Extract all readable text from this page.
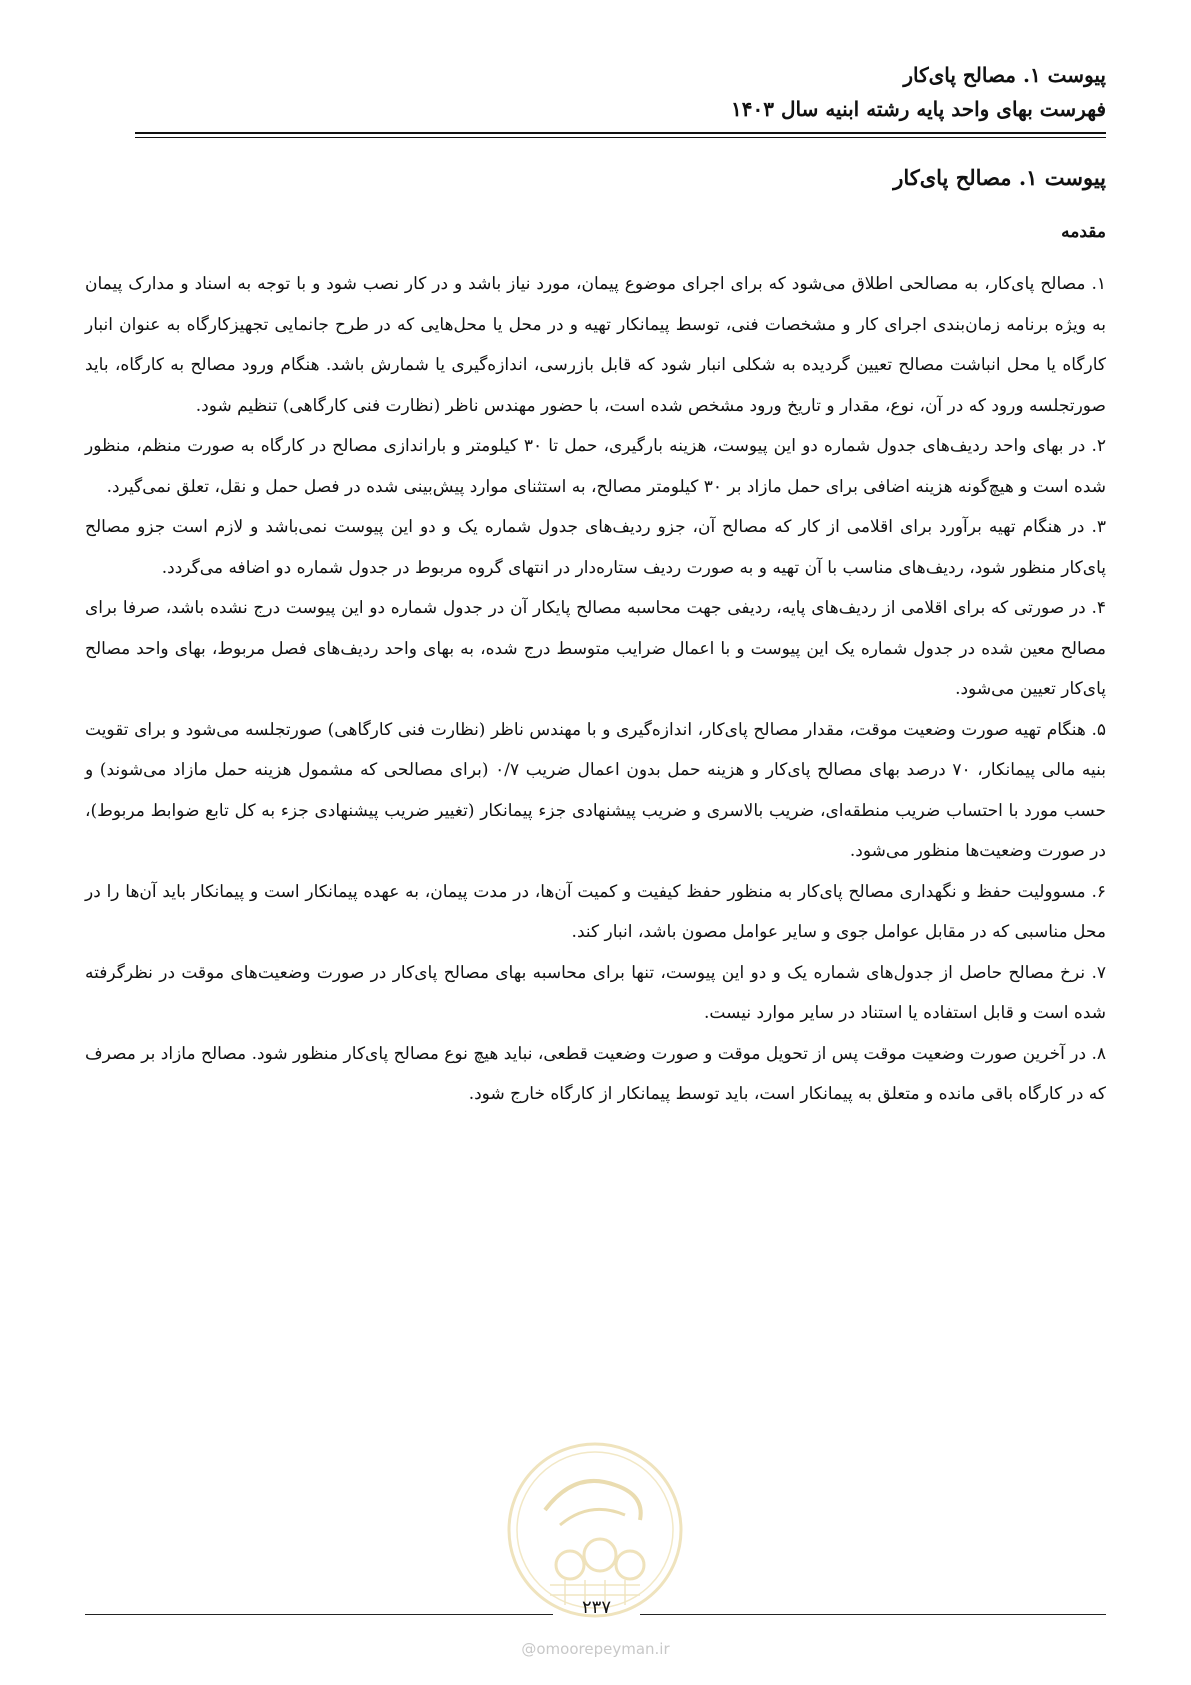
پیوست ۱. مصالح پای‌کار
فهرست بهای واحد پایه رشته ابنیه سال ۱۴۰۳
پیوست ۱. مصالح پای‌کار
مقدمه

۱. مصالح پای‌کار، به مصالحی اطلاق می‌شود که برای اجرای موضوع پیمان، مورد نیاز باشد و در کار نصب شود و با توجه به اسناد و مدارک پیمان به ویژه برنامه زمان‌بندی اجرای کار و مشخصات فنی، توسط پیمانکار تهیه و در محل یا محل‌هایی که در طرح جانمایی تجهیزکارگاه به عنوان انبار کارگاه یا محل انباشت مصالح تعیین گردیده به شکلی انبار شود که قابل بازرسی، اندازه‌گیری یا شمارش باشد. هنگام ورود مصالح به کارگاه، باید صورتجلسه ورود که در آن، نوع، مقدار و تاریخ ورود مشخص شده است، با حضور مهندس ناظر (نظارت فنی کارگاهی) تنظیم شود.

۲. در بهای واحد ردیف‌های جدول شماره دو این پیوست، هزینه بارگیری، حمل تا ۳۰ کیلومتر و باراندازی مصالح در کارگاه به صورت منظم، منظور شده است و هیچ‌گونه هزینه اضافی برای حمل مازاد بر ۳۰ کیلومتر مصالح، به استثنای موارد پیش‌بینی شده در فصل حمل و نقل، تعلق نمی‌گیرد.

۳. در هنگام تهیه برآورد برای اقلامی از کار که مصالح آن، جزو ردیف‌های جدول شماره یک و دو این پیوست نمی‌باشد و لازم است جزو مصالح پای‌کار منظور شود، ردیف‌های مناسب با آن تهیه و به صورت ردیف ستاره‌دار در انتهای گروه مربوط در جدول شماره دو اضافه می‌گردد.

۴. در صورتی که برای اقلامی از ردیف‌های پایه، ردیفی جهت محاسبه مصالح پایکار آن در جدول شماره دو این پیوست درج نشده باشد، صرفا برای مصالح معین شده در جدول شماره یک این پیوست و با اعمال ضرایب متوسط درج شده، به بهای واحد ردیف‌های فصل مربوط، بهای واحد مصالح پای‌کار تعیین می‌شود.

۵. هنگام تهیه صورت وضعیت موقت، مقدار مصالح پای‌کار، اندازه‌گیری و با مهندس ناظر (نظارت فنی کارگاهی) صورتجلسه می‌شود و برای تقویت بنیه مالی پیمانکار، ۷۰ درصد بهای مصالح پای‌کار و هزینه حمل بدون اعمال ضریب ۰/۷ (برای مصالحی که مشمول هزینه حمل مازاد می‌شوند) و حسب مورد با احتساب ضریب منطقه‌ای، ضریب بالاسری و ضریب پیشنهادی جزء پیمانکار (تغییر ضریب پیشنهادی جزء به کل تابع ضوابط مربوط)، در صورت وضعیت‌ها منظور می‌شود.

۶. مسوولیت حفظ و نگهداری مصالح پای‌کار به منظور حفظ کیفیت و کمیت آن‌ها، در مدت پیمان، به عهده پیمانکار است و پیمانکار باید آن‌ها را در محل مناسبی که در مقابل عوامل جوی و سایر عوامل مصون باشد، انبار کند.

۷. نرخ مصالح حاصل از جدول‌های شماره یک و دو این پیوست، تنها برای محاسبه بهای مصالح پای‌کار در صورت وضعیت‌های موقت در نظرگرفته شده است و قابل استفاده یا استناد در سایر موارد نیست.

۸. در آخرین صورت وضعیت موقت پس از تحویل موقت و صورت وضعیت قطعی، نباید هیچ نوع مصالح پای‌کار منظور شود. مصالح مازاد بر مصرف که در کارگاه باقی مانده و متعلق به پیمانکار است، باید توسط پیمانکار از کارگاه خارج شود.

۲۳۷
@omoorepeyman.ir
